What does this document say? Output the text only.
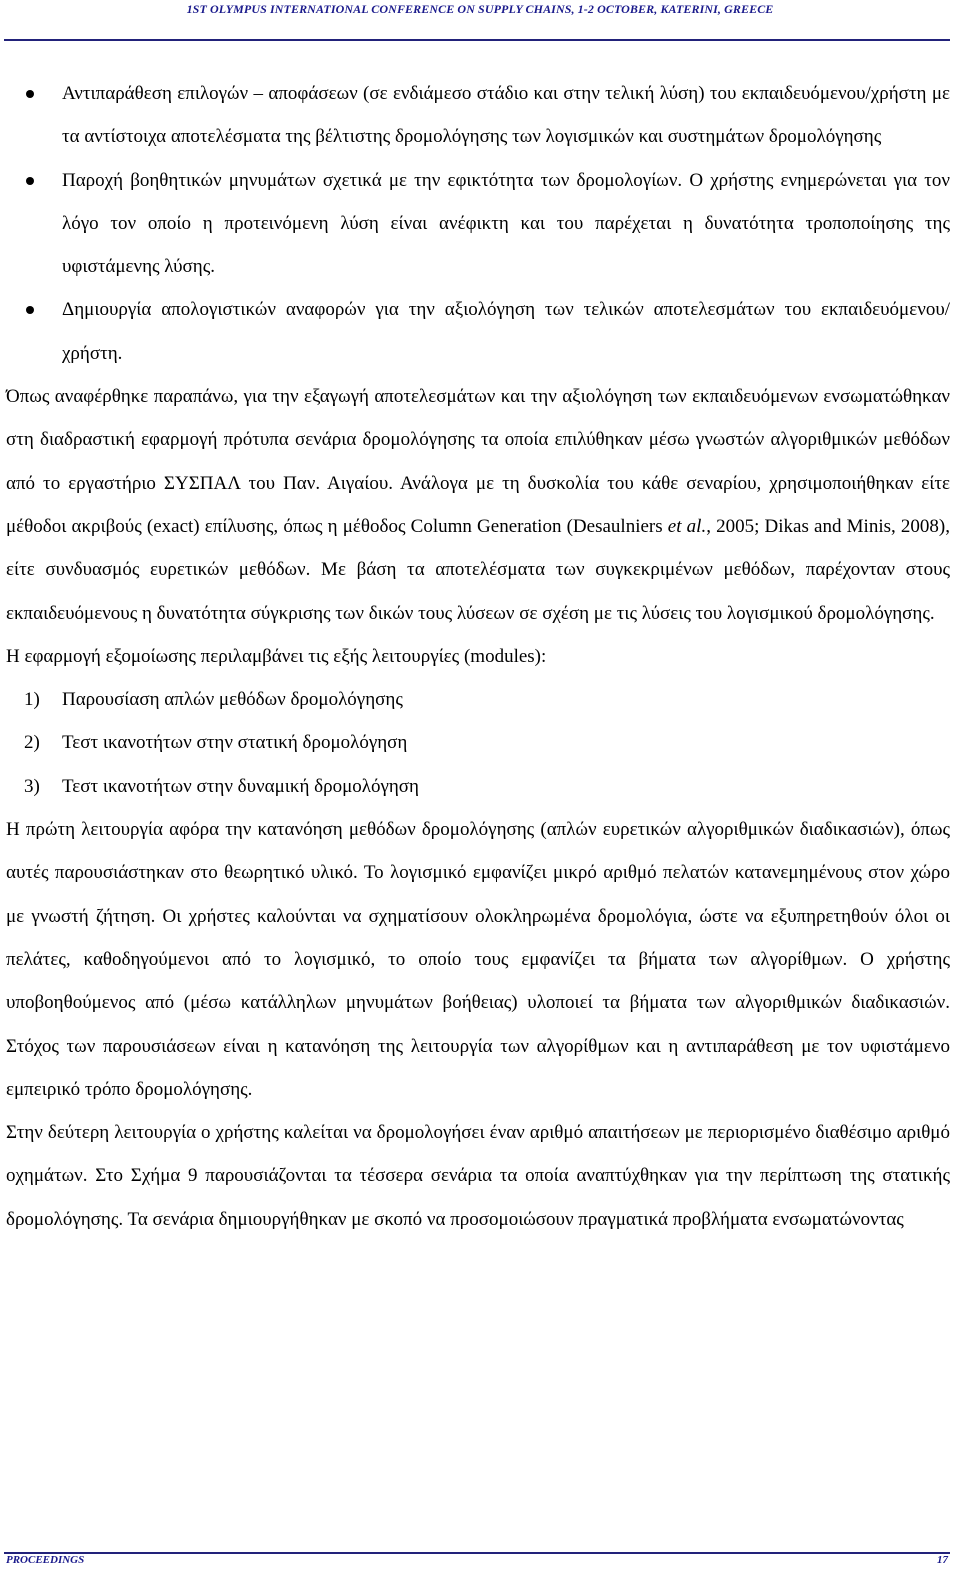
1ST OLYMPUS INTERNATIONAL CONFERENCE ON SUPPLY CHAINS, 1-2 OCTOBER, KATERINI, GREECE
Αντιπαράθεση επιλογών – αποφάσεων (σε ενδιάμεσο στάδιο και στην τελική λύση) του εκπαιδευόμενου/χρήστη με τα αντίστοιχα αποτελέσματα της βέλτιστης δρομολόγησης των λογισμικών και συστημάτων δρομολόγησης
Παροχή βοηθητικών μηνυμάτων σχετικά με την εφικτότητα των δρομολογίων. Ο χρήστης ενημερώνεται για τον λόγο τον οποίο η προτεινόμενη λύση είναι ανέφικτη και του παρέχεται η δυνατότητα τροποποίησης της υφιστάμενης λύσης.
Δημιουργία απολογιστικών αναφορών για την αξιολόγηση των τελικών αποτελεσμάτων του εκπαιδευόμενου/χρήστη.

Όπως αναφέρθηκε παραπάνω, για την εξαγωγή αποτελεσμάτων και την αξιολόγηση των εκπαιδευόμενων ενσωματώθηκαν στη διαδραστική εφαρμογή πρότυπα σενάρια δρομολόγησης τα οποία επιλύθηκαν μέσω γνωστών αλγοριθμικών μεθόδων από το εργαστήριο ΣΥΣΠΑΛ του Παν. Αιγαίου. Ανάλογα με τη δυσκολία του κάθε σεναρίου, χρησιμοποιήθηκαν είτε μέθοδοι ακριβούς (exact) επίλυσης, όπως η μέθοδος Column Generation (Desaulniers et al., 2005; Dikas and Minis, 2008), είτε συνδυασμός ευρετικών μεθόδων. Με βάση τα αποτελέσματα των συγκεκριμένων μεθόδων, παρέχονταν στους εκπαιδευόμενους η δυνατότητα σύγκρισης των δικών τους λύσεων σε σχέση με τις λύσεις του λογισμικού δρομολόγησης.

Η εφαρμογή εξομοίωσης περιλαμβάνει τις εξής λειτουργίες (modules):

1) Παρουσίαση απλών μεθόδων δρομολόγησης
2) Τεστ ικανοτήτων στην στατική δρομολόγηση
3) Τεστ ικανοτήτων στην δυναμική δρομολόγηση

Η πρώτη λειτουργία αφόρα την κατανόηση μεθόδων δρομολόγησης (απλών ευρετικών αλγοριθμικών διαδικασιών), όπως αυτές παρουσιάστηκαν στο θεωρητικό υλικό. Το λογισμικό εμφανίζει μικρό αριθμό πελατών κατανεμημένους στον χώρο με γνωστή ζήτηση. Οι χρήστες καλούνται να σχηματίσουν ολοκληρωμένα δρομολόγια, ώστε να εξυπηρετηθούν όλοι οι πελάτες, καθοδηγούμενοι από το λογισμικό, το οποίο τους εμφανίζει τα βήματα των αλγορίθμων. Ο χρήστης υποβοηθούμενος από (μέσω κατάλληλων μηνυμάτων βοήθειας) υλοποιεί τα βήματα των αλγοριθμικών διαδικασιών. Στόχος των παρουσιάσεων είναι η κατανόηση της λειτουργία των αλγορίθμων και η αντιπαράθεση με τον υφιστάμενο εμπειρικό τρόπο δρομολόγησης.

Στην δεύτερη λειτουργία ο χρήστης καλείται να δρομολογήσει έναν αριθμό απαιτήσεων με περιορισμένο διαθέσιμο αριθμό οχημάτων. Στο Σχήμα 9 παρουσιάζονται τα τέσσερα σενάρια τα οποία αναπτύχθηκαν για την περίπτωση της στατικής δρομολόγησης. Τα σενάρια δημιουργήθηκαν με σκοπό να προσομοιώσουν πραγματικά προβλήματα ενσωματώνοντας

PROCEEDINGS	17
